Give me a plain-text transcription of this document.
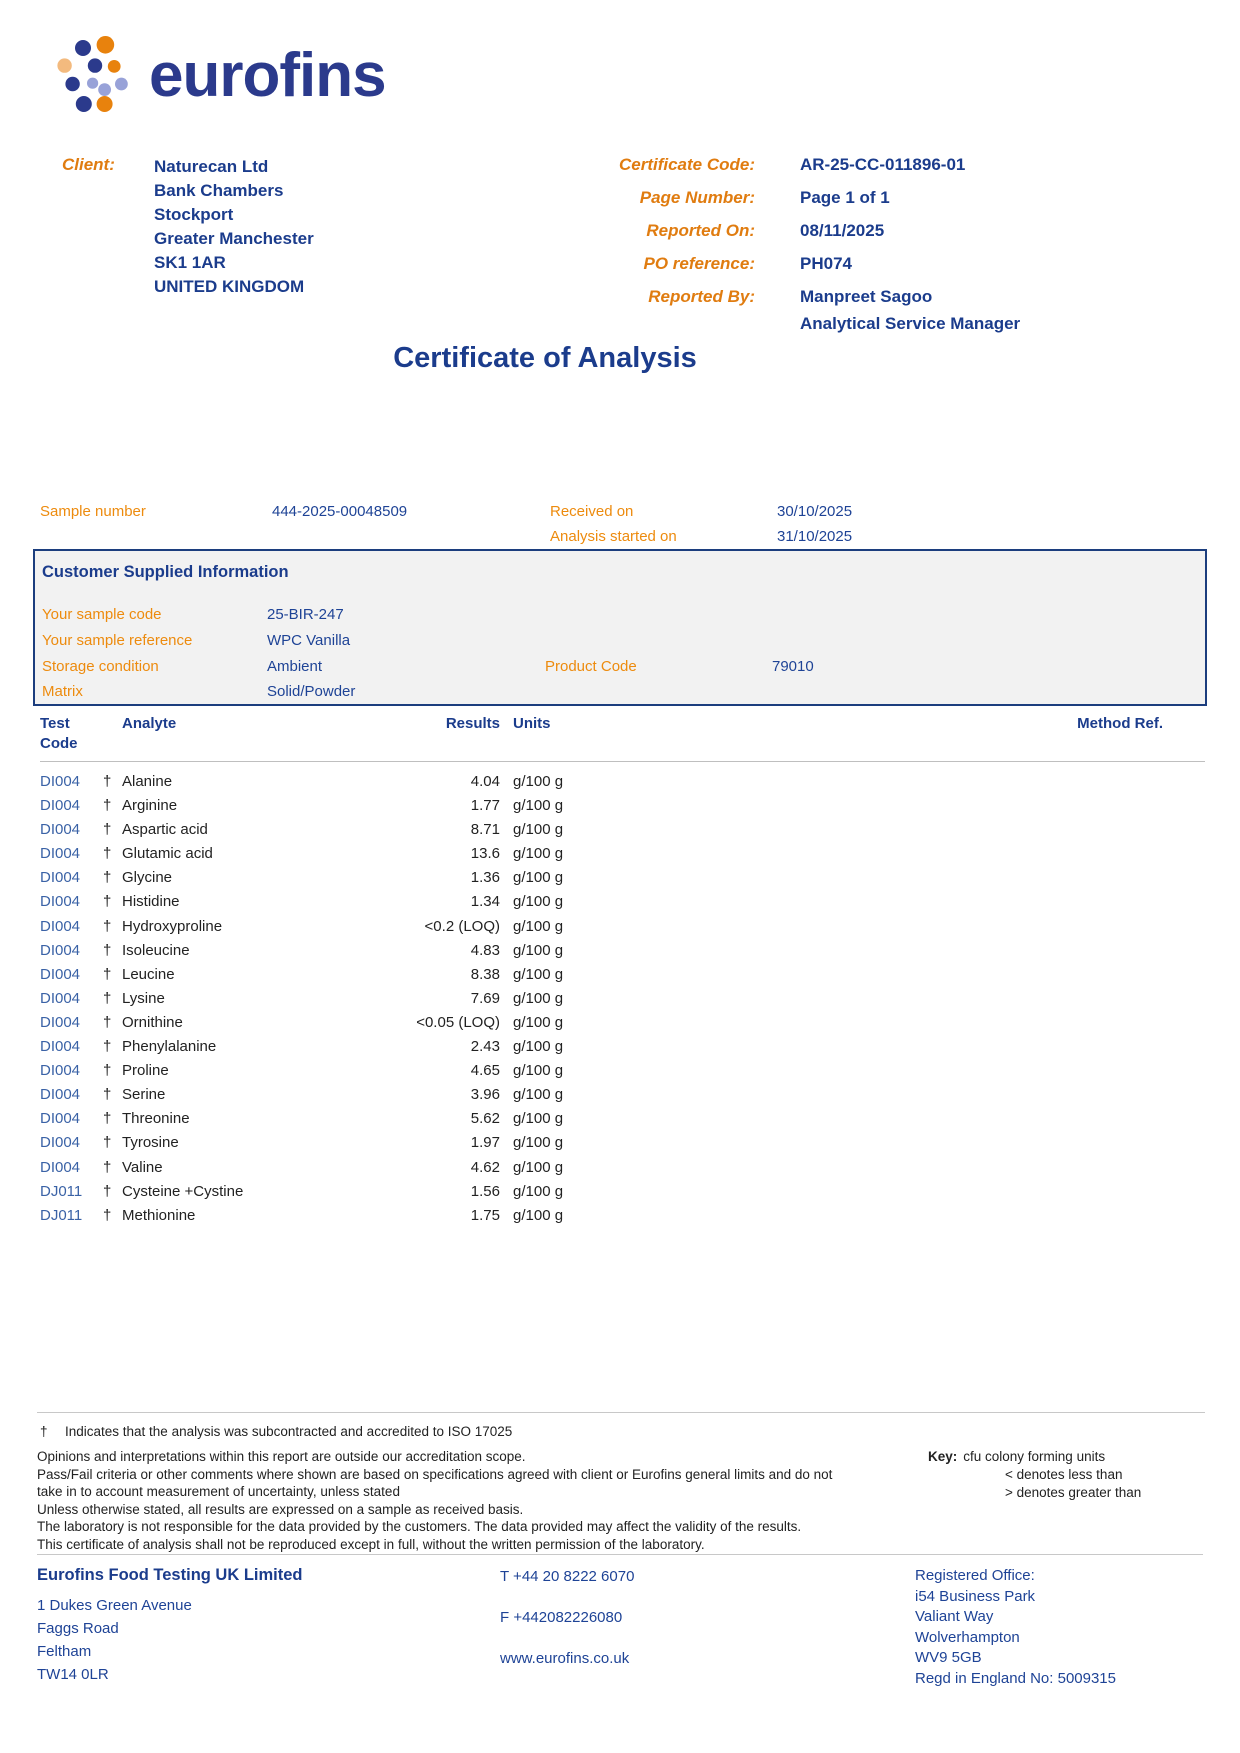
eurofins
Client:	Naturecan Ltd
Bank Chambers
Stockport
Greater Manchester
SK1 1AR
UNITED KINGDOM
Certificate Code:	AR-25-CC-011896-01
Page Number:	Page 1 of 1
Reported On:	08/11/2025
PO reference:	PH074
Reported By:	Manpreet Sagoo
Analytical Service Manager
Certificate of Analysis
Sample number	444-2025-00048509	Received on	30/10/2025
Analysis started on	31/10/2025
Customer Supplied Information
Your sample code	25-BIR-247
Your sample reference	WPC Vanilla
Storage condition	Ambient	Product Code	79010
Matrix	Solid/Powder
Test Code
Analyte	Results Units	Method Ref.
DI004	† Alanine	4.04 g/100 g
DI004	† Arginine	1.77 g/100 g
DI004	† Aspartic acid	8.71 g/100 g
DI004	† Glutamic acid	13.6 g/100 g
DI004	† Glycine	1.36 g/100 g
DI004	† Histidine	1.34 g/100 g
DI004	† Hydroxyproline	<0.2 (LOQ) g/100 g
DI004	† Isoleucine	4.83 g/100 g
DI004	† Leucine	8.38 g/100 g
DI004	† Lysine	7.69 g/100 g
DI004	† Ornithine	<0.05 (LOQ) g/100 g
DI004	† Phenylalanine	2.43 g/100 g
DI004	† Proline	4.65 g/100 g
DI004	† Serine	3.96 g/100 g
DI004	† Threonine	5.62 g/100 g
DI004	† Tyrosine	1.97 g/100 g
DI004	† Valine	4.62 g/100 g
DJ011	† Cysteine +Cystine	1.56 g/100 g
DJ011	† Methionine	1.75 g/100 g
†	Indicates that the analysis was subcontracted and accredited to ISO 17025
Opinions and interpretations within this report are outside our accreditation scope.
Pass/Fail criteria or other comments where shown are based on specifications agreed with client or Eurofins general limits and do not
take in to account measurement of uncertainty, unless stated
Unless otherwise stated, all results are expressed on a sample as received basis.
The laboratory is not responsible for the data provided by the customers. The data provided may affect the validity of the results.
This certificate of analysis shall not be reproduced except in full, without the written permission of the laboratory.
Key: cfu colony forming units
< denotes less than
> denotes greater than
Eurofins Food Testing UK Limited
1 Dukes Green Avenue
Faggs Road
Feltham
TW14 0LR
T +44 20 8222 6070
F +442082226080
www.eurofins.co.uk
Registered Office:
i54 Business Park
Valiant Way
Wolverhampton
WV9 5GB
Regd in England No: 5009315
